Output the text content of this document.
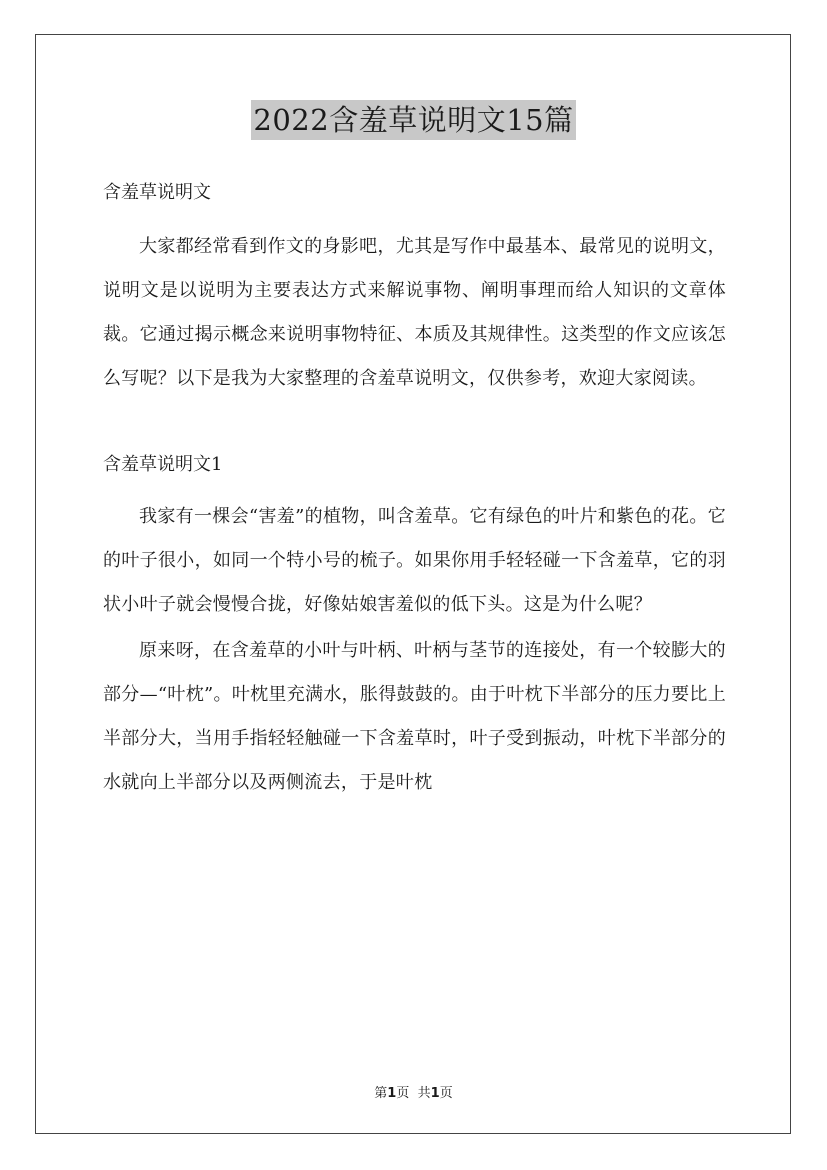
2022含羞草说明文15篇

含羞草说明文

大家都经常看到作文的身影吧，尤其是写作中最基本、最常见的说明文，说明文是以说明为主要表达方式来解说事物、阐明事理而给人知识的文章体裁。它通过揭示概念来说明事物特征、本质及其规律性。这类型的作文应该怎么写呢？以下是我为大家整理的含羞草说明文，仅供参考，欢迎大家阅读。

含羞草说明文1

我家有一棵会“害羞”的植物，叫含羞草。它有绿色的叶片和紫色的花。它的叶子很小，如同一个特小号的梳子。如果你用手轻轻碰一下含羞草，它的羽状小叶子就会慢慢合拢，好像姑娘害羞似的低下头。这是为什么呢？

原来呀，在含羞草的小叶与叶柄、叶柄与茎节的连接处，有一个较膨大的部分—“叶枕”。叶枕里充满水，胀得鼓鼓的。由于叶枕下半部分的压力要比上半部分大，当用手指轻轻触碰一下含羞草时，叶子受到振动，叶枕下半部分的水就向上半部分以及两侧流去，于是叶枕

第1页 共1页
